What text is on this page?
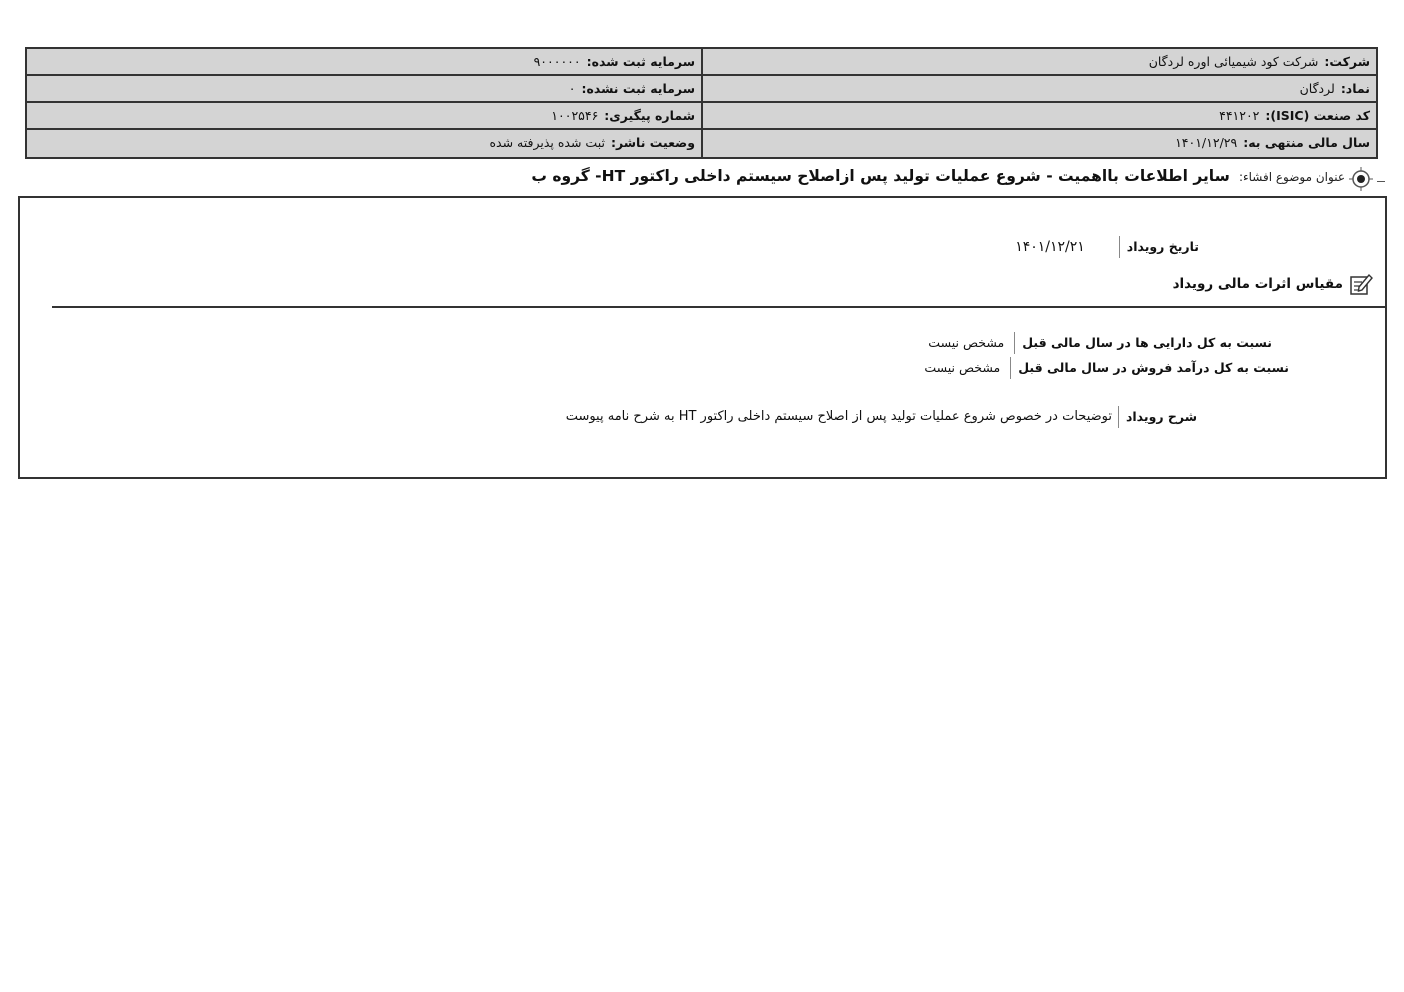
شرکت:شرکت کود شیمیائی اوره لردگان
سرمایه ثبت شده:۹۰۰۰۰۰۰
نماد:لردگان
سرمایه ثبت نشده:۰
کد صنعت (ISIC):۴۴۱۲۰۲
شماره پیگیری:۱۰۰۲۵۴۶
سال مالی منتهی به:۱۴۰۱/۱۲/۲۹
وضعیت ناشر:ثبت شده پذیرفته شده
عنوان موضوع افشاء: سایر اطلاعات بااهمیت - شروع عملیات تولید پس ازاصلاح سیستم داخلی راکتور HT- گروه ب
تاریخ رویداد
۱۴۰۱/۱۲/۲۱
مقیاس اثرات مالی رویداد
نسبت به کل دارایی ها در سال مالی قبل
مشخص نیست
نسبت به کل درآمد فروش در سال مالی قبل
مشخص نیست
شرح رویداد
توضیحات در خصوص شروع عملیات تولید پس از اصلاح سیستم داخلی راکتور HT به شرح نامه پیوست
